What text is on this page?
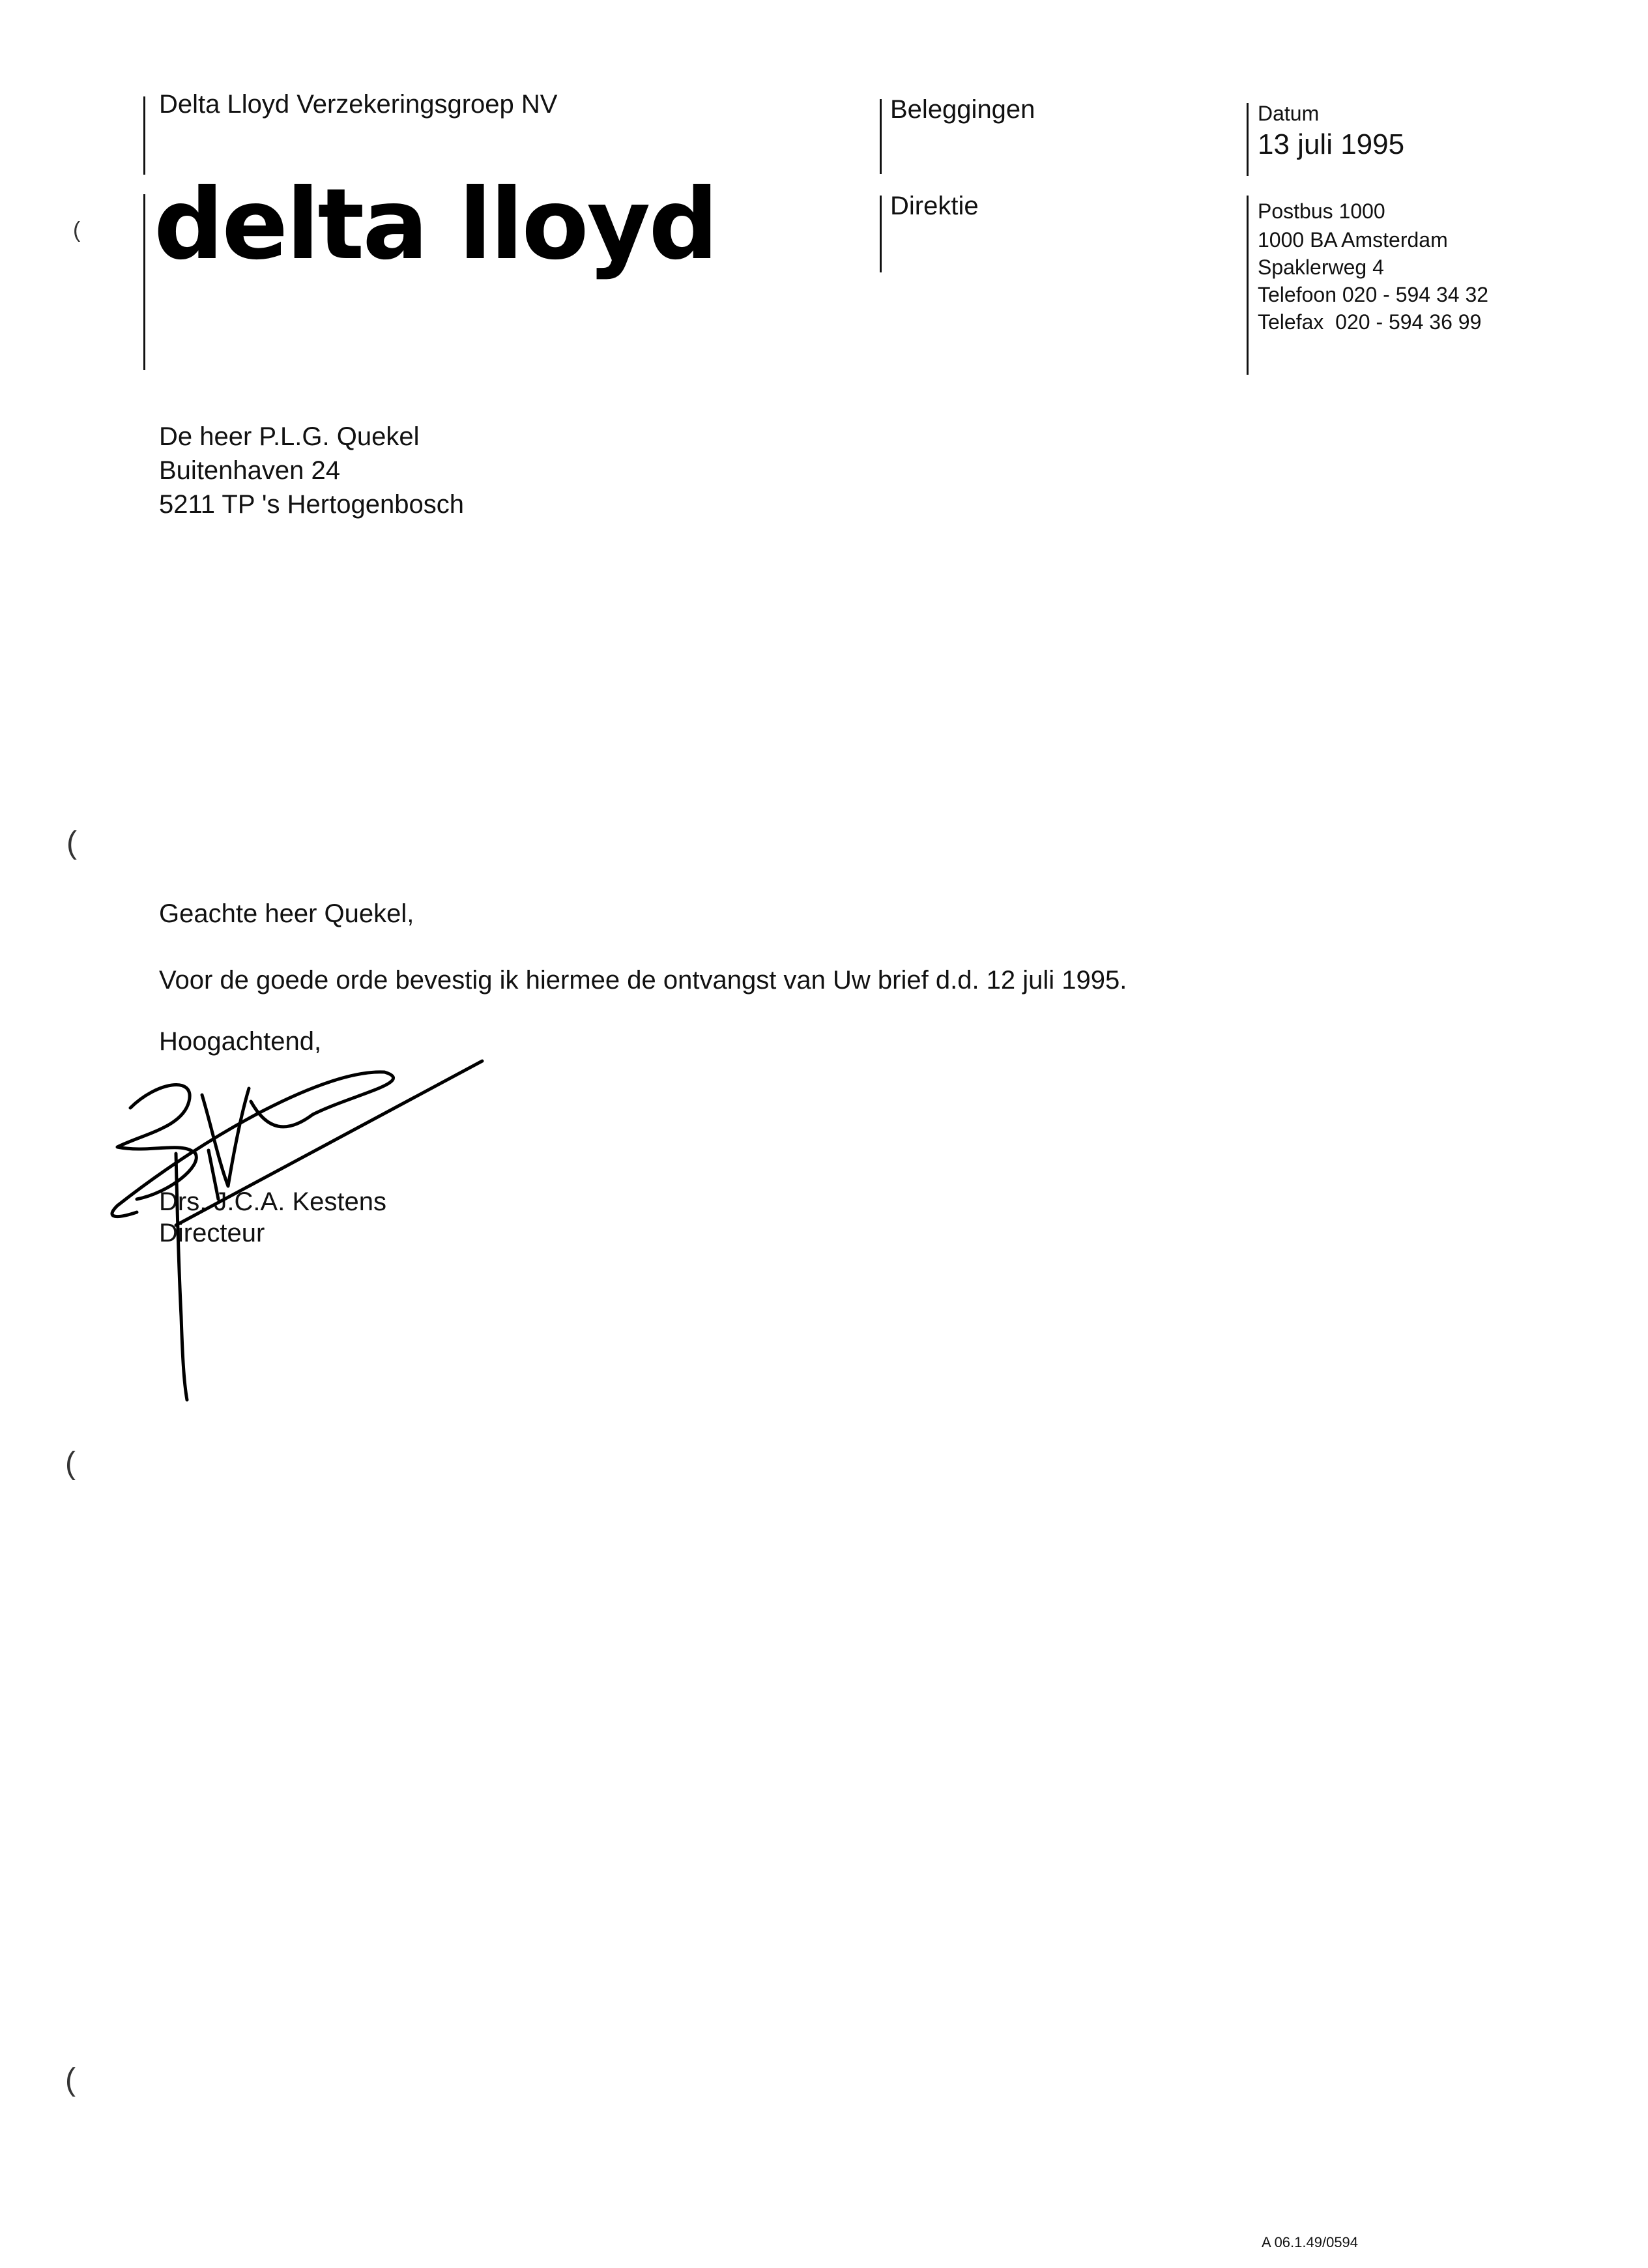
Delta Lloyd Verzekeringsgroep NV
delta lloyd
Beleggingen
Direktie
Datum
13 juli 1995
Postbus 1000
1000 BA Amsterdam
Spaklerweg 4
Telefoon 020 - 594 34 32
Telefax  020 - 594 36 99
De heer P.L.G. Quekel
Buitenhaven 24
5211 TP 's Hertogenbosch
Geachte heer Quekel,
Voor de goede orde bevestig ik hiermee de ontvangst van Uw brief d.d. 12 juli 1995.
Hoogachtend,
Drs. J.C.A. Kestens
Directeur
(
(
(
(
A 06.1.49/0594
